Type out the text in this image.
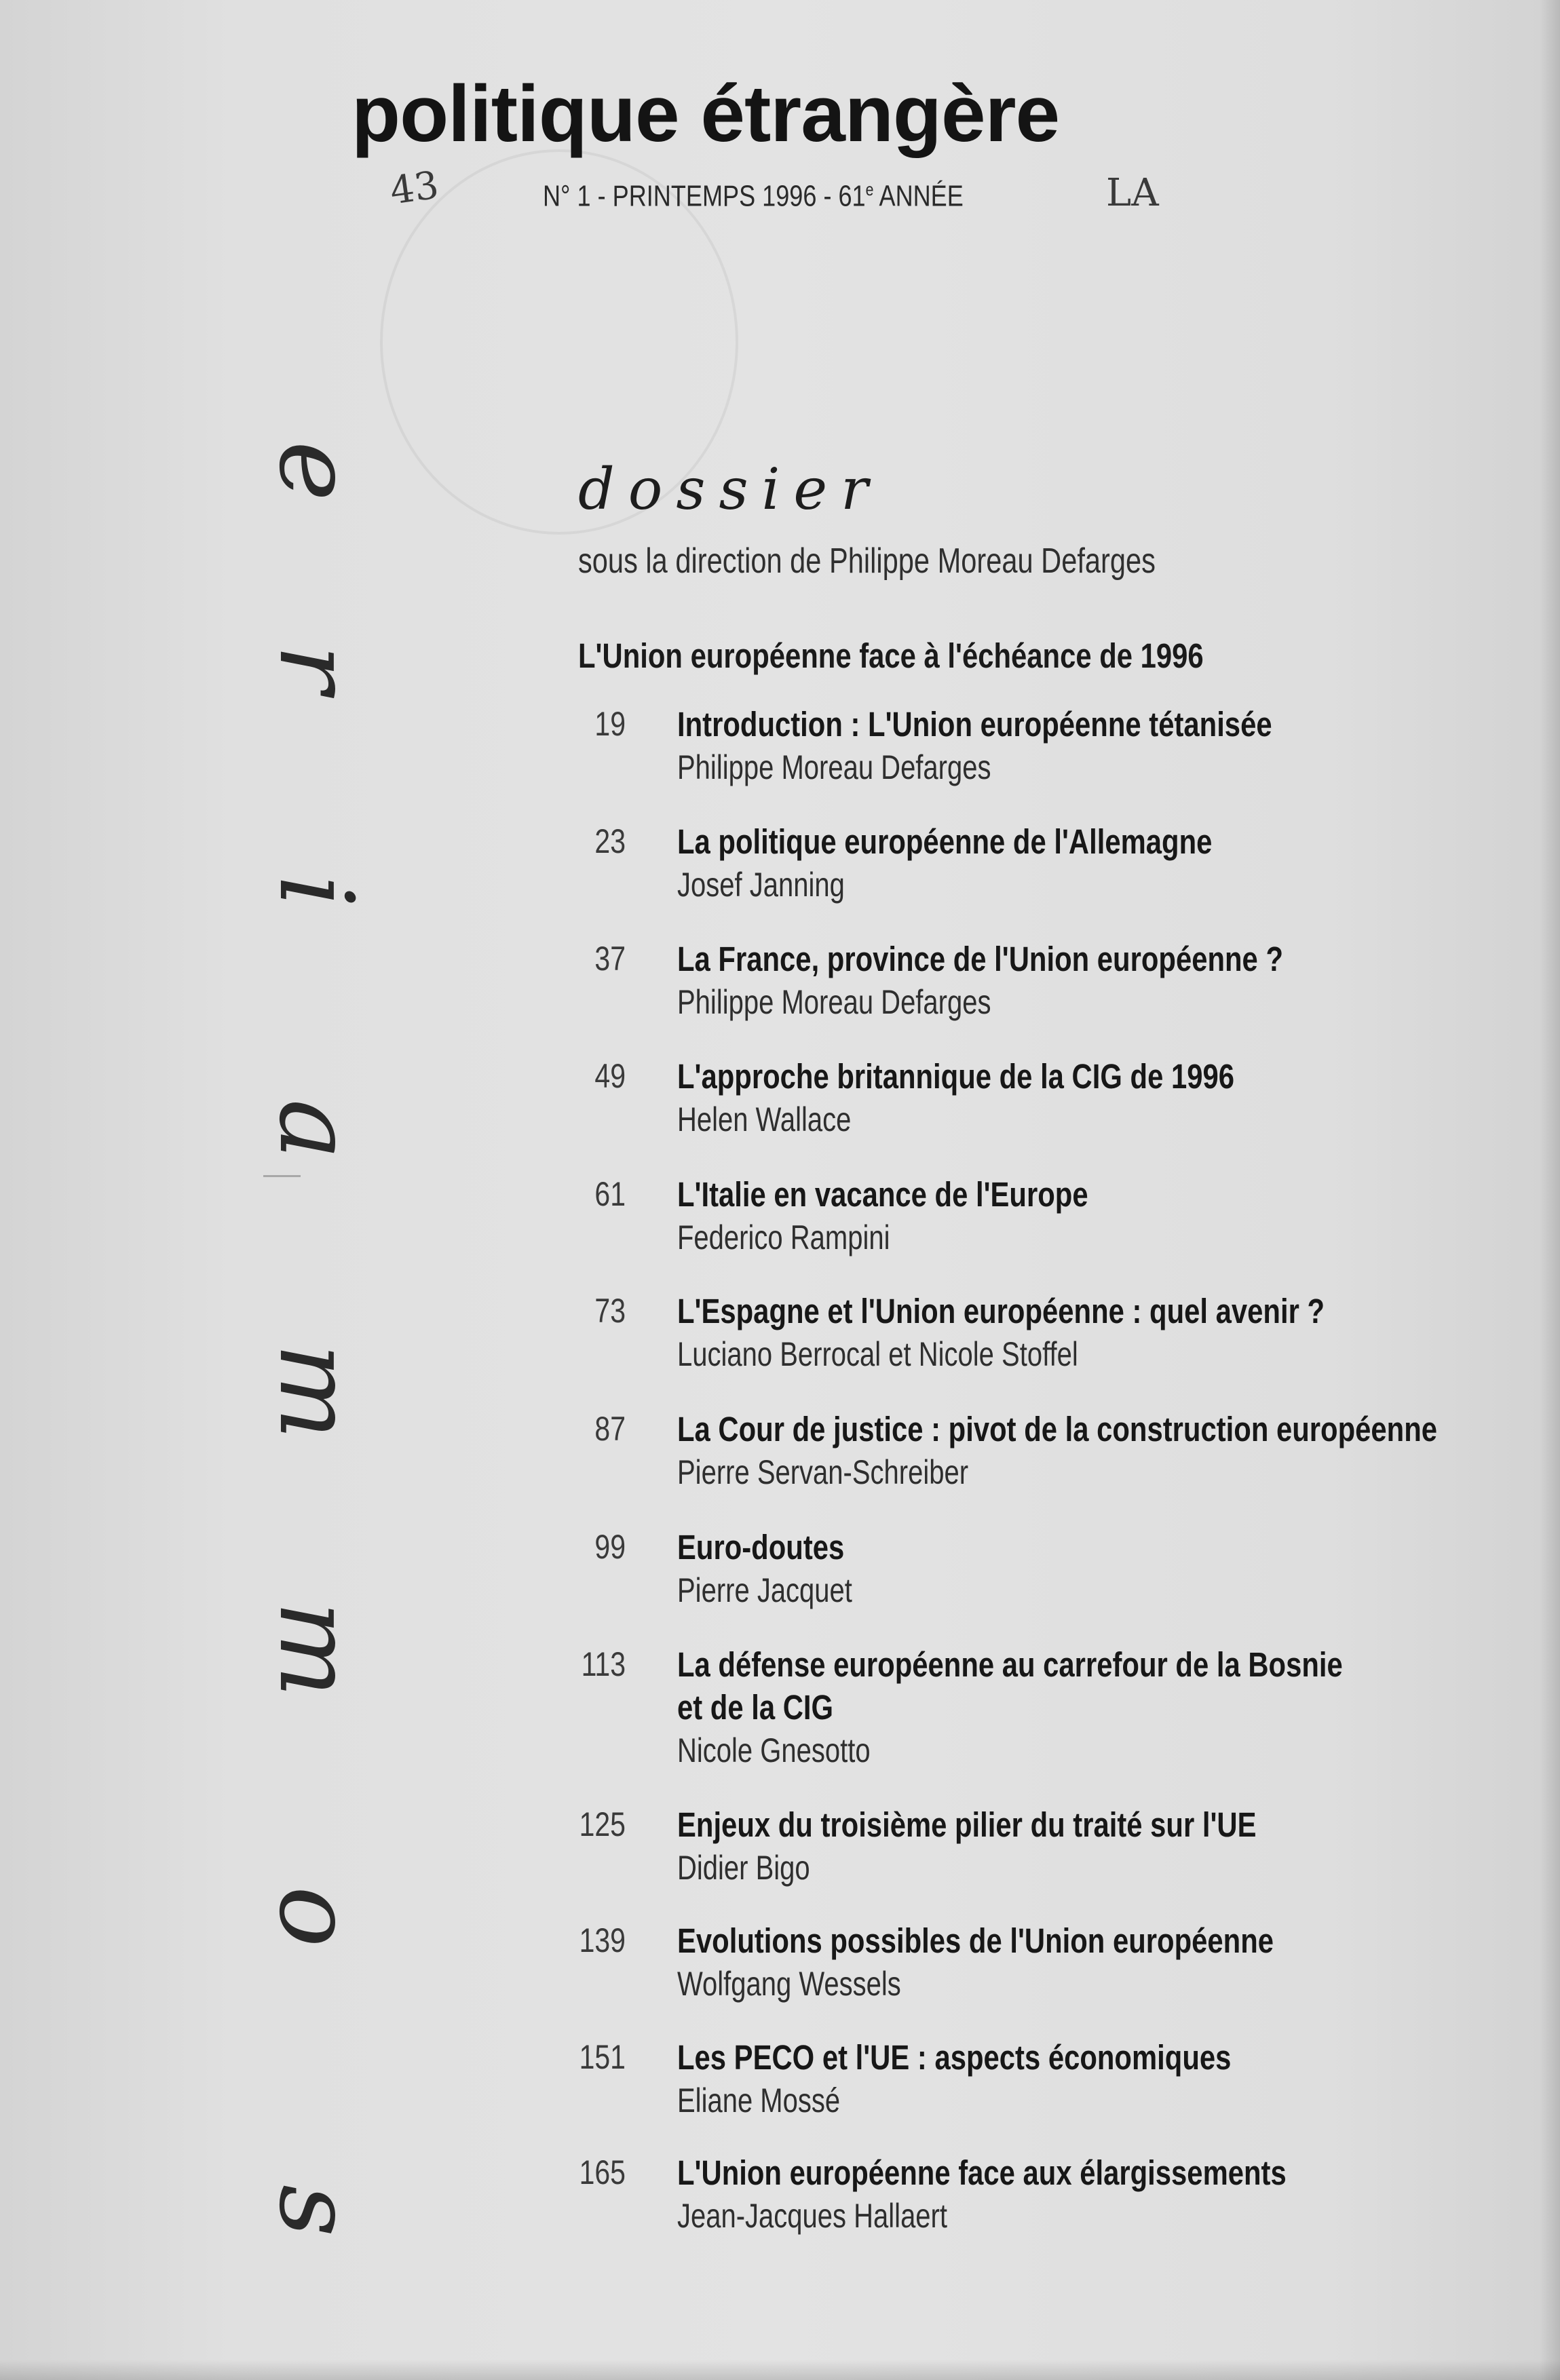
politique étrangère
N° 1 - PRINTEMPS 1996 - 61e ANNÉE
43	LA
s
o
m
m
a
i
r
e	dossier
sous la direction de Philippe Moreau Defarges
L'Union européenne face à l'échéance de 1996
19 Introduction : L'Union européenne tétanisée
Philippe Moreau Defarges
23 La politique européenne de l'Allemagne
Josef Janning
37 La France, province de l'Union européenne ?
Philippe Moreau Defarges
49 L'approche britannique de la CIG de 1996
Helen Wallace
61 L'Italie en vacance de l'Europe
Federico Rampini
73 L'Espagne et l'Union européenne : quel avenir ?
Luciano Berrocal et Nicole Stoffel
87 La Cour de justice : pivot de la construction européenne
Pierre Servan-Schreiber
99 Euro-doutes
Pierre Jacquet
113 La défense européenne au carrefour de la Bosnie
et de la CIG
Nicole Gnesotto
125 Enjeux du troisième pilier du traité sur l'UE
Didier Bigo
139 Evolutions possibles de l'Union européenne
Wolfgang Wessels
151 Les PECO et l'UE : aspects économiques
Eliane Mossé
165 L'Union européenne face aux élargissements
Jean-Jacques Hallaert
